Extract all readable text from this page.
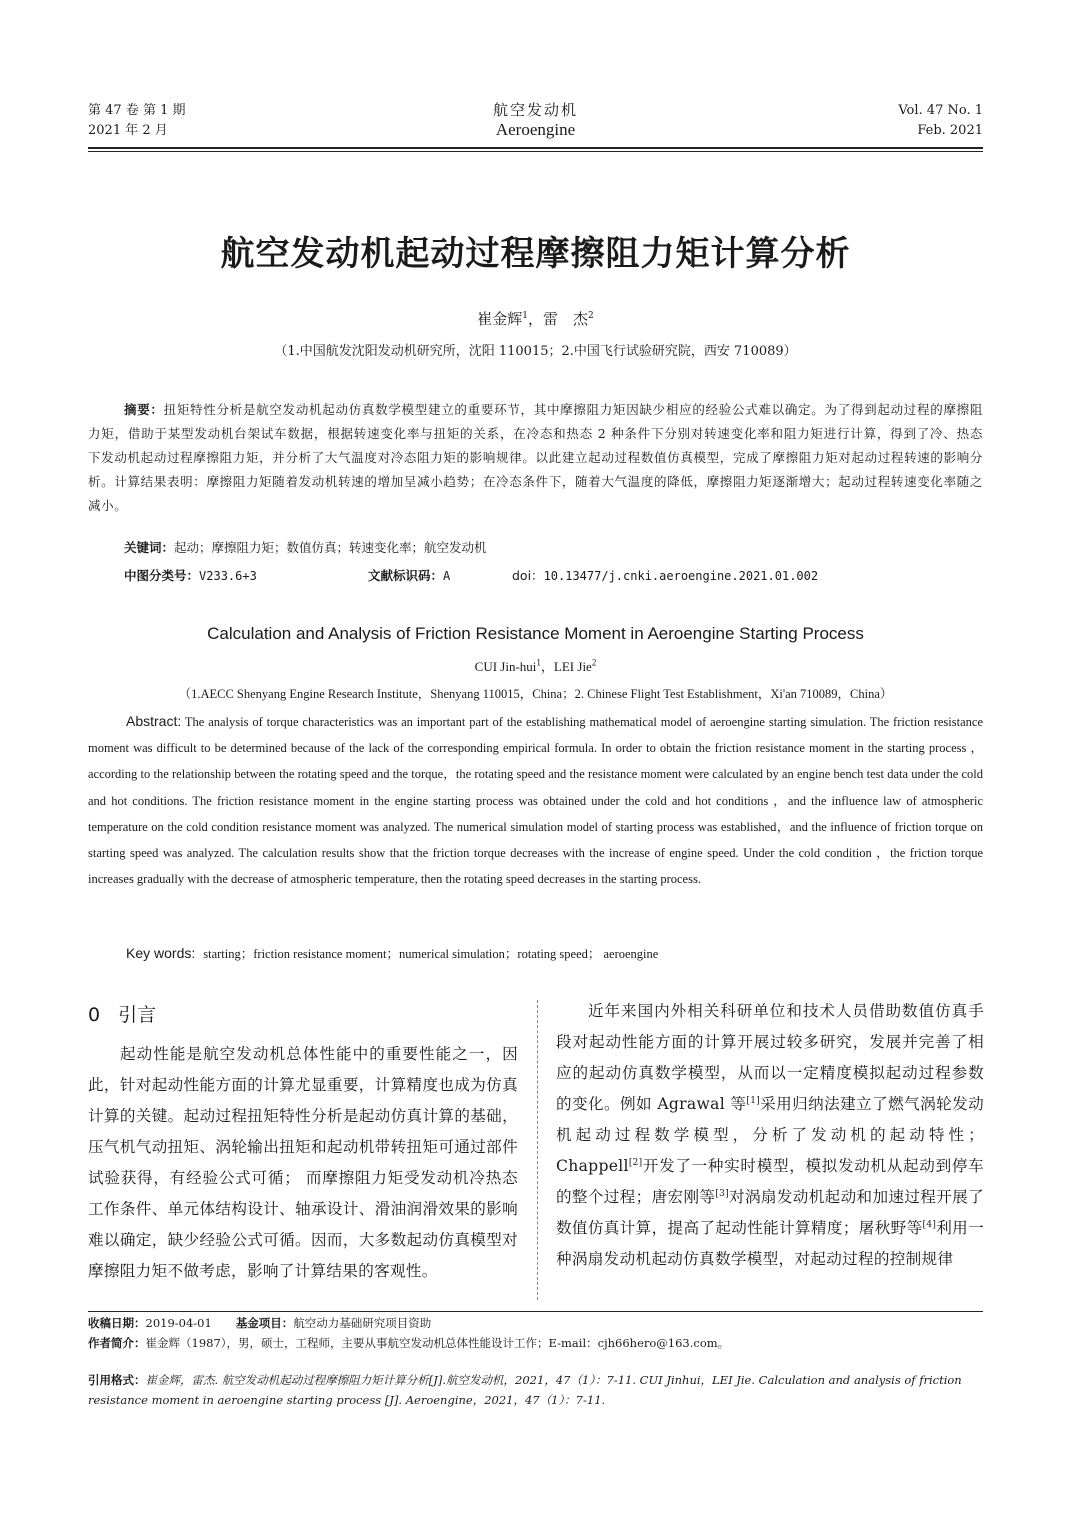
第 47 卷 第 1 期
2021 年 2 月
航空发动机
Aeroengine
Vol. 47 No. 1
Feb. 2021
航空发动机起动过程摩擦阻力矩计算分析
崔金辉$^1$，雷　杰$^2$
（1.中国航发沈阳发动机研究所，沈阳 110015；2.中国飞行试验研究院，西安 710089）
摘要：扭矩特性分析是航空发动机起动仿真数学模型建立的重要环节，其中摩擦阻力矩因缺少相应的经验公式难以确定。为了得到起动过程的摩擦阻力矩，借助于某型发动机台架试车数据，根据转速变化率与扭矩的关系，在冷态和热态 2 种条件下分别对转速变化率和阻力矩进行计算，得到了冷、热态下发动机起动过程摩擦阻力矩，并分析了大气温度对冷态阻力矩的影响规律。以此建立起动过程数值仿真模型，完成了摩擦阻力矩对起动过程转速的影响分析。计算结果表明：摩擦阻力矩随着发动机转速的增加呈减小趋势；在冷态条件下，随着大气温度的降低，摩擦阻力矩逐渐增大；起动过程转速变化率随之减小。
关键词：起动；摩擦阻力矩；数值仿真；转速变化率；航空发动机
中图分类号：V233.6+3	文献标识码：A	doi：10.13477/j.cnki.aeroengine.2021.01.002
Calculation and Analysis of Friction Resistance Moment in Aeroengine Starting Process
CUI Jin-hui$^1$，LEI Jie$^2$
（1.AECC Shenyang Engine Research Institute，Shenyang 110015，China；2. Chinese Flight Test Establishment，Xi'an 710089，China）
Abstract: The analysis of torque characteristics was an important part of the establishing mathematical model of aeroengine starting simulation. The friction resistance moment was difficult to be determined because of the lack of the corresponding empirical formula. In order to obtain the friction resistance moment in the starting process ，according to the relationship between the rotating speed and the torque，the rotating speed and the resistance moment were calculated by an engine bench test data under the cold and hot conditions. The friction resistance moment in the engine starting process was obtained under the cold and hot conditions ，and the influence law of atmospheric temperature on the cold condition resistance moment was analyzed. The numerical simulation model of starting process was established，and the influence of friction torque on starting speed was analyzed. The calculation results show that the friction torque decreases with the increase of engine speed. Under the cold condition ，the friction torque increases gradually with the decrease of atmospheric temperature, then the rotating speed decreases in the starting process.
Key words: starting；friction resistance moment；numerical simulation；rotating speed； aeroengine
0 引言
起动性能是航空发动机总体性能中的重要性能之一，因此，针对起动性能方面的计算尤显重要，计算精度也成为仿真计算的关键。起动过程扭矩特性分析是起动仿真计算的基础，压气机气动扭矩、涡轮输出扭矩和起动机带转扭矩可通过部件试验获得，有经验公式可循； 而摩擦阻力矩受发动机冷热态工作条件、单元体结构设计、轴承设计、滑油润滑效果的影响难以确定，缺少经验公式可循。因而，大多数起动仿真模型对摩擦阻力矩不做考虑，影响了计算结果的客观性。
近年来国内外相关科研单位和技术人员借助数值仿真手段对起动性能方面的计算开展过较多研究，发展并完善了相应的起动仿真数学模型，从而以一定精度模拟起动过程参数的变化。例如 Agrawal 等[1]采用归纳法建立了燃气涡轮发动机起动过程数学模型，分析了发动机的起动特性；Chappell[2]开发了一种实时模型，模拟发动机从起动到停车的整个过程；唐宏刚等[3]对涡扇发动机起动和加速过程开展了数值仿真计算，提高了起动性能计算精度；屠秋野等[4]利用一种涡扇发动机起动仿真数学模型，对起动过程的控制规律
收稿日期：2019-04-01 基金项目：航空动力基础研究项目资助
作者简介：崔金辉（1987），男，硕士，工程师，主要从事航空发动机总体性能设计工作；E-mail：cjh66hero@163.com。
引用格式：崔金辉，雷杰. 航空发动机起动过程摩擦阻力矩计算分析[J].航空发动机，2021，47（1）：7-11. CUI Jinhui，LEI Jie. Calculation and analysis of friction resistance moment in aeroengine starting process [J]. Aeroengine，2021，47（1）：7-11.
